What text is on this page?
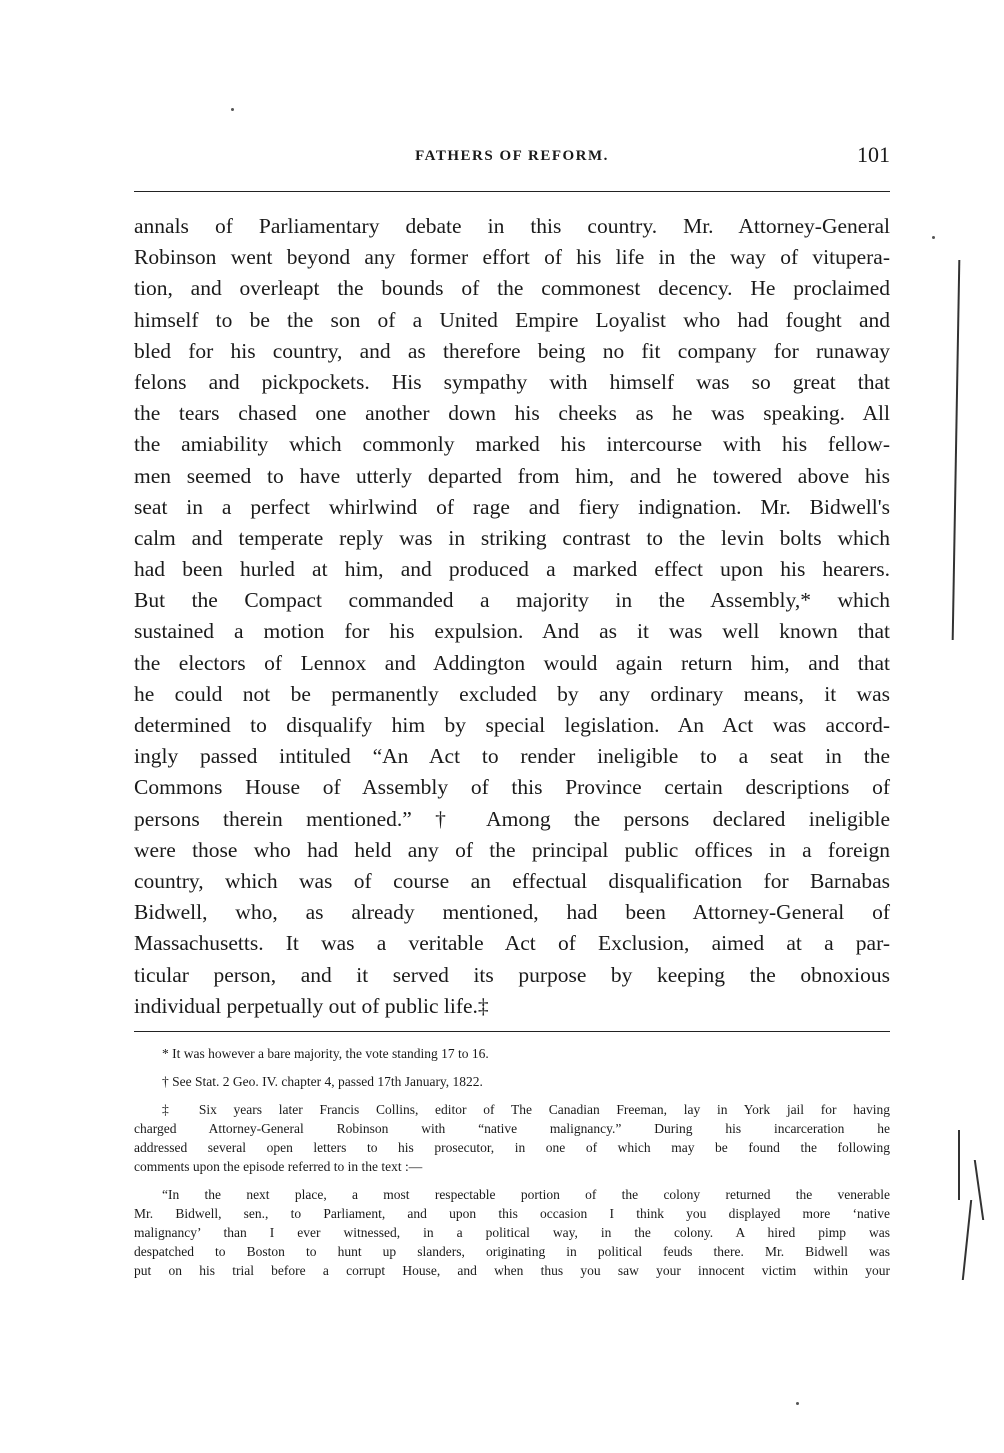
FATHERS OF REFORM.	101
annals of Parliamentary debate in this country. Mr. Attorney-General
Robinson went beyond any former effort of his life in the way of vitupera-
tion, and overleapt the bounds of the commonest decency. He proclaimed
himself to be the son of a United Empire Loyalist who had fought and
bled for his country, and as therefore being no fit company for runaway
felons and pickpockets. His sympathy with himself was so great that
the tears chased one another down his cheeks as he was speaking. All
the amiability which commonly marked his intercourse with his fellow-
men seemed to have utterly departed from him, and he towered above his
seat in a perfect whirlwind of rage and fiery indignation. Mr. Bidwell's
calm and temperate reply was in striking contrast to the levin bolts which
had been hurled at him, and produced a marked effect upon his hearers.
But the Compact commanded a majority in the Assembly,* which
sustained a motion for his expulsion. And as it was well known that
the electors of Lennox and Addington would again return him, and that
he could not be permanently excluded by any ordinary means, it was
determined to disqualify him by special legislation. An Act was accord-
ingly passed intituled “An Act to render ineligible to a seat in the
Commons House of Assembly of this Province certain descriptions of
persons therein mentioned.” † Among the persons declared ineligible
were those who had held any of the principal public offices in a foreign
country, which was of course an effectual disqualification for Barnabas
Bidwell, who, as already mentioned, had been Attorney-General of
Massachusetts. It was a veritable Act of Exclusion, aimed at a par-
ticular person, and it served its purpose by keeping the obnoxious
individual perpetually out of public life.‡
* It was however a bare majority, the vote standing 17 to 16.
† See Stat. 2 Geo. IV. chapter 4, passed 17th January, 1822.
‡ Six years later Francis Collins, editor of The Canadian Freeman, lay in York jail for having
charged Attorney-General Robinson with “native malignancy.” During his incarceration he
addressed several open letters to his prosecutor, in one of which may be found the following
comments upon the episode referred to in the text :—
“In the next place, a most respectable portion of the colony returned the venerable
Mr. Bidwell, sen., to Parliament, and upon this occasion I think you displayed more ‘native
malignancy’ than I ever witnessed, in a political way, in the colony. A hired pimp was
despatched to Boston to hunt up slanders, originating in political feuds there. Mr. Bidwell was
put on his trial before a corrupt House, and when thus you saw your innocent victim within your
